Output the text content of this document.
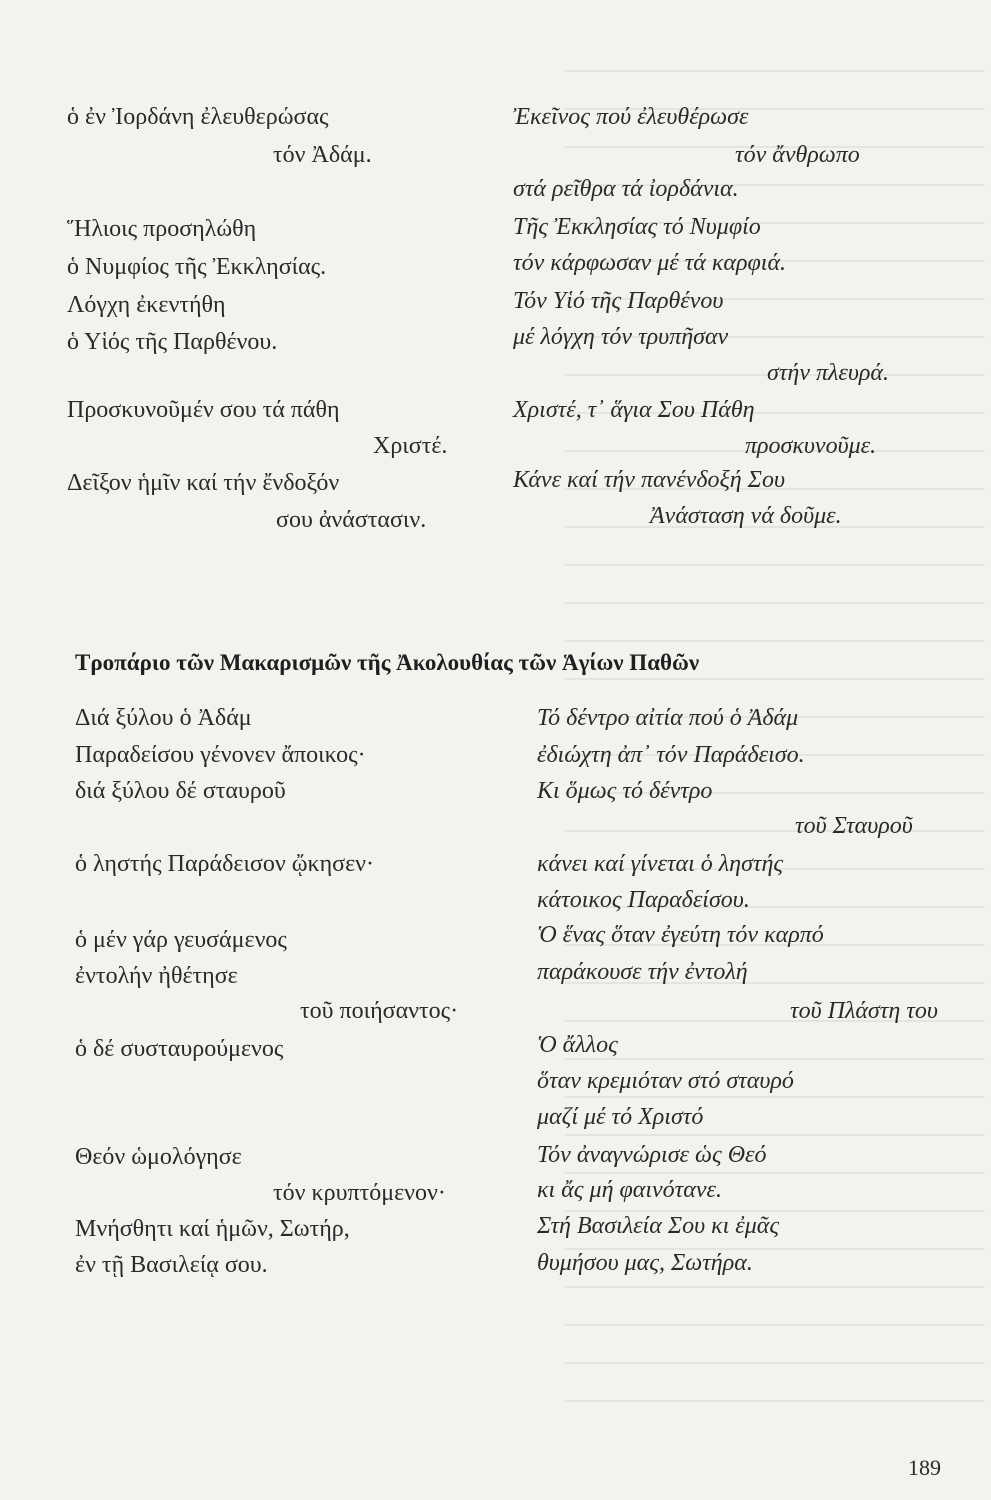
ὁ ἐν Ἰορδάνη ἐλευθερώσας
τόν Ἀδάμ.
Ἥλιοις προσηλώθη
ὁ Νυμφίος τῆς Ἐκκλησίας.
Λόγχη ἐκεντήθη
ὁ Υἱός τῆς Παρθένου.
Προσκυνοῦμέν σου τά πάθη
Χριστέ.
Δεῖξον ἡμῖν καί τήν ἔνδοξόν
σου ἀνάστασιν.
Ἐκεῖνος πού ἐλευθέρωσε
τόν ἄνθρωπο
στά ρεῖθρα τά ἰορδάνια.
Τῆς Ἐκκλησίας τό Νυμφίο
τόν κάρφωσαν μέ τά καρφιά.
Τόν Υἱό τῆς Παρθένου
μέ λόγχη τόν τρυπῆσαν
στήν πλευρά.
Χριστέ, τ᾿ ἅγια Σου Πάθη
προσκυνοῦμε.
Κάνε καί τήν πανένδοξή Σου
Ἀνάσταση νά δοῦμε.
Τροπάριο τῶν Μακαρισμῶν τῆς Ἀκολουθίας τῶν Ἁγίων Παθῶν
Διά ξύλου ὁ Ἀδάμ
Παραδείσου γένονεν ἄποικος·
διά ξύλου δέ σταυροῦ
ὁ ληστής Παράδεισον ᾤκησεν·
ὁ μέν γάρ γευσάμενος
ἐντολήν ἠθέτησε
τοῦ ποιήσαντος·
ὁ δέ συσταυρούμενος
Θεόν ὡμολόγησε
τόν κρυπτόμενον·
Μνήσθητι καί ἡμῶν, Σωτήρ,
ἐν τῇ Βασιλείᾳ σου.
Τό δέντρο αἰτία πού ὁ Ἀδάμ
ἐδιώχτη ἀπ᾿ τόν Παράδεισο.
Κι ὅμως τό δέντρο
τοῦ Σταυροῦ
κάνει καί γίνεται ὁ ληστής
κάτοικος Παραδείσου.
Ὁ ἕνας ὅταν ἐγεύτη τόν καρπό
παράκουσε τήν ἐντολή
τοῦ Πλάστη του
Ὁ ἄλλος
ὅταν κρεμιόταν στό σταυρό
μαζί μέ τό Χριστό
Τόν ἀναγνώρισε ὡς Θεό
κι ἄς μή φαινότανε.
Στή Βασιλεία Σου κι ἐμᾶς
θυμήσου μας, Σωτήρα.
189
